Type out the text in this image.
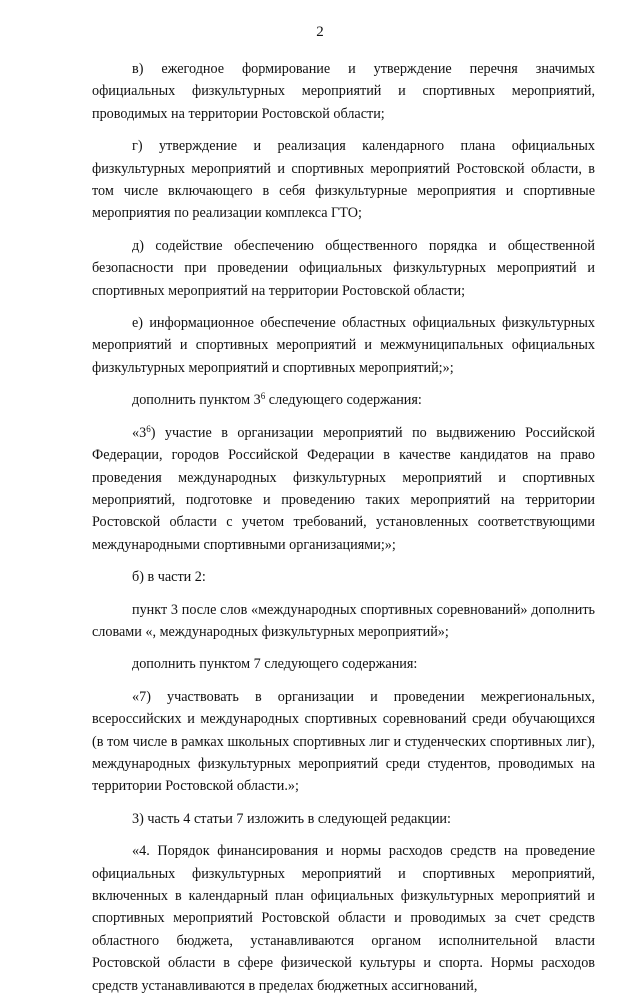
2

в) ежегодное формирование и утверждение перечня значимых официальных физкультурных мероприятий и спортивных мероприятий, проводимых на территории Ростовской области;

г) утверждение и реализация календарного плана официальных физкультурных мероприятий и спортивных мероприятий Ростовской области, в том числе включающего в себя физкультурные мероприятия и спортивные мероприятия по реализации комплекса ГТО;

д) содействие обеспечению общественного порядка и общественной безопасности при проведении официальных физкультурных мероприятий и спортивных мероприятий на территории Ростовской области;

е) информационное обеспечение областных официальных физкультурных мероприятий и спортивных мероприятий и межмуниципальных официальных физкультурных мероприятий и спортивных мероприятий;»;

дополнить пунктом $3^6$ следующего содержания:

«$3^6$) участие в организации мероприятий по выдвижению Российской Федерации, городов Российской Федерации в качестве кандидатов на право проведения международных физкультурных мероприятий и спортивных мероприятий, подготовке и проведению таких мероприятий на территории Ростовской области с учетом требований, установленных соответствующими международными спортивными организациями;»;

б) в части 2:

пункт 3 после слов «международных спортивных соревнований» дополнить словами «, международных физкультурных мероприятий»;

дополнить пунктом 7 следующего содержания:

«7) участвовать в организации и проведении межрегиональных, всероссийских и международных спортивных соревнований среди обучающихся (в том числе в рамках школьных спортивных лиг и студенческих спортивных лиг), международных физкультурных мероприятий среди студентов, проводимых на территории Ростовской области.»;

3) часть 4 статьи 7 изложить в следующей редакции:

«4. Порядок финансирования и нормы расходов средств на проведение официальных физкультурных мероприятий и спортивных мероприятий, включенных в календарный план официальных физкультурных мероприятий и спортивных мероприятий Ростовской области и проводимых за счет средств областного бюджета, устанавливаются органом исполнительной власти Ростовской области в сфере физической культуры и спорта. Нормы расходов средств устанавливаются в пределах бюджетных ассигнований,
